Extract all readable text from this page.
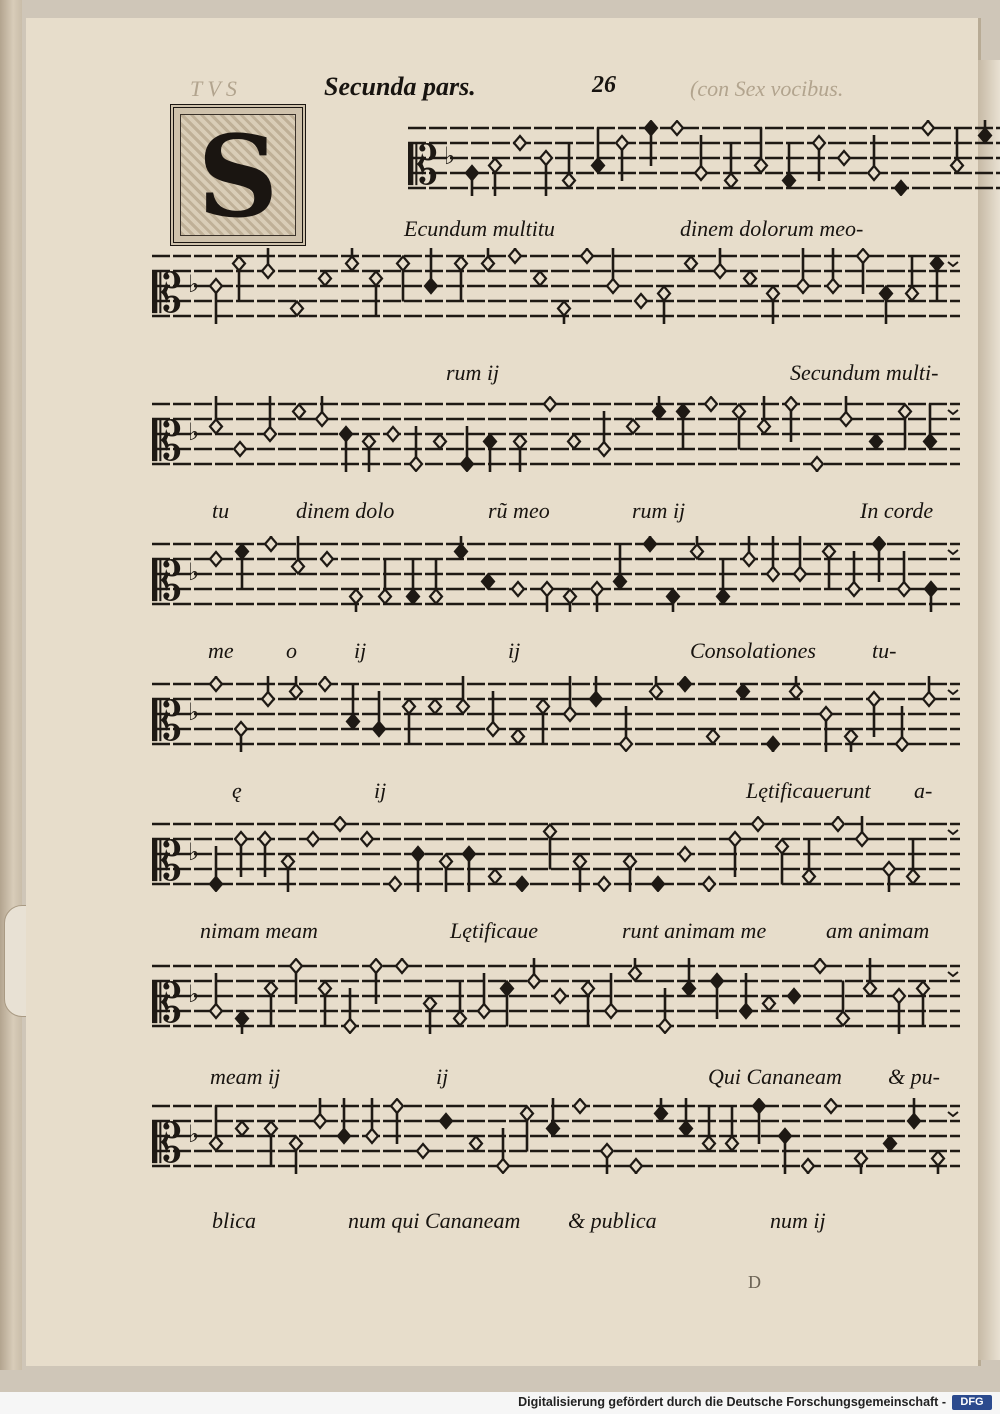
T V S	(con Sex vocibus.
Secunda pars.	26
S	𝄡 ♭
𝄡 ♭
𝄡 ♭
𝄡 ♭
𝄡 ♭
𝄡 ♭
𝄡 ♭
𝄡 ♭
Ecundum multitu	dinem dolorum meo-
rum ij	Secundum multi-
tu	dinem dolo	rũ meo	rum ij	In corde
me o	ij	ij	Consolationes	tu-
ę	ij	Lętificauerunt a-
nimam meam	Lętificaue	runt animam me	am animam
meam ij	ij	Qui Cananeam & pu-
blica	num qui Cananeam & publica	num ij
D
Digitalisierung gefördert durch die Deutsche Forschungsgemeinschaft -	DFG
